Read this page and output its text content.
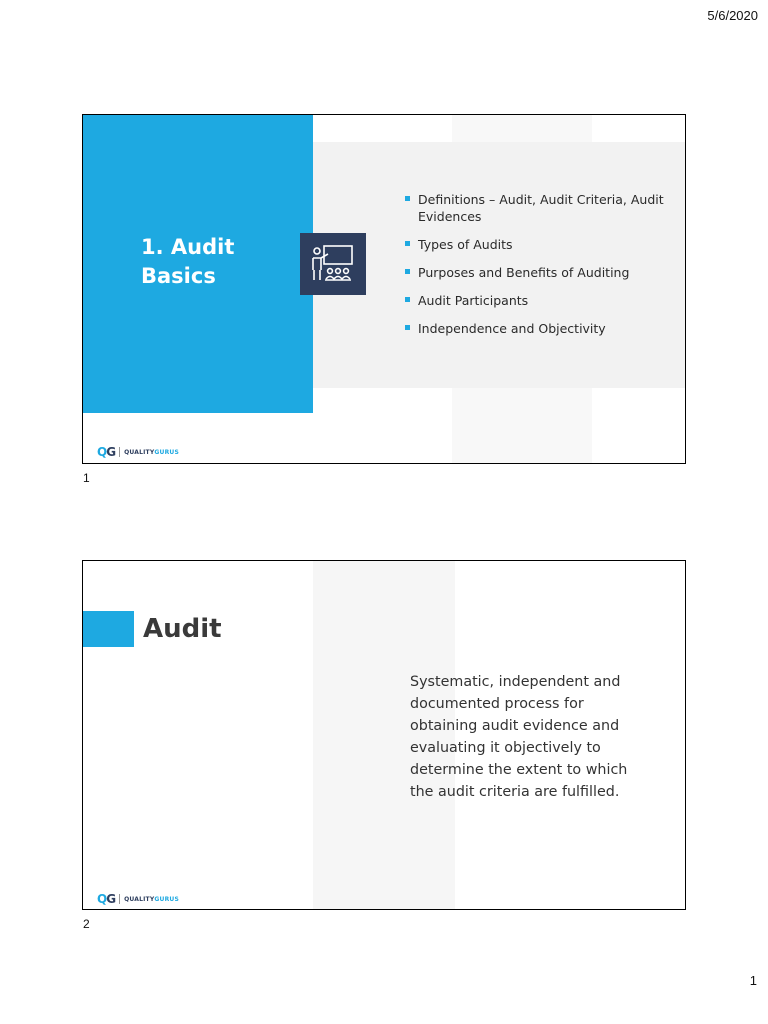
5/6/2020
1. Audit Basics
Definitions – Audit, Audit Criteria, Audit Evidences
Types of Audits
Purposes and Benefits of Auditing
Audit Participants
Independence and Objectivity
QG QUALITYGURUS
1
Audit
Systematic, independent and documented process for obtaining audit evidence and evaluating it objectively to determine the extent to which the audit criteria are fulfilled.
QG QUALITYGURUS
2
1
